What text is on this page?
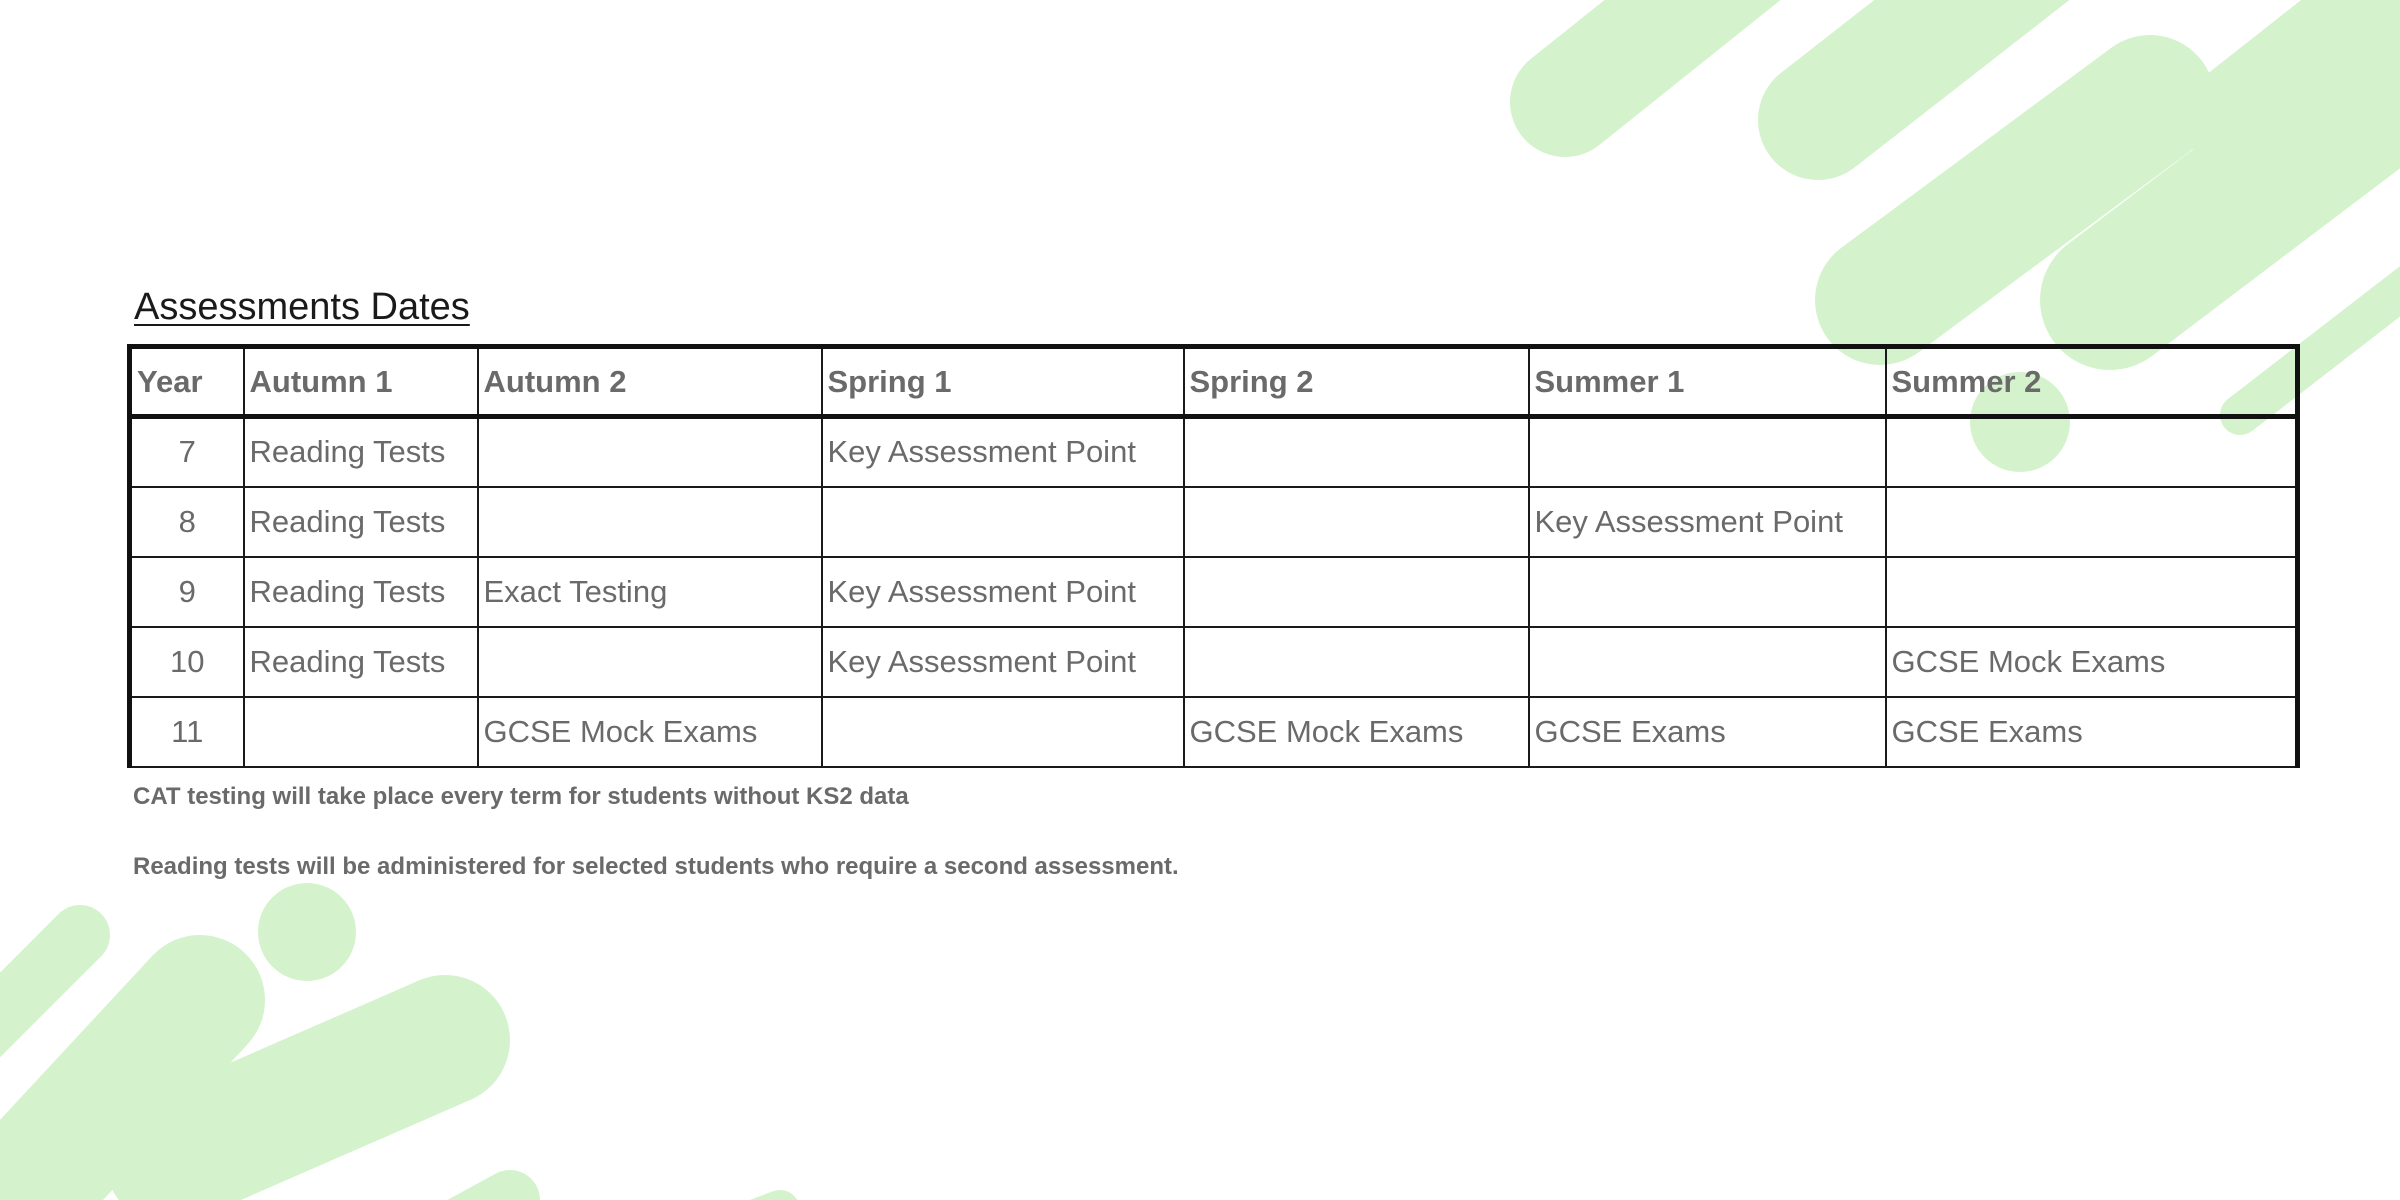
Assessments Dates
Year	Autumn 1	Autumn 2	Spring 1	Spring 2	Summer 1	Summer 2
7	Reading Tests		Key Assessment Point			
8	Reading Tests				Key Assessment Point	
9	Reading Tests	Exact Testing	Key Assessment Point			
10	Reading Tests		Key Assessment Point			GCSE Mock Exams
11		GCSE Mock Exams		GCSE Mock Exams	GCSE Exams	GCSE Exams
CAT testing will take place every term for students without KS2 data
Reading tests will be administered for selected students who require a second assessment.
